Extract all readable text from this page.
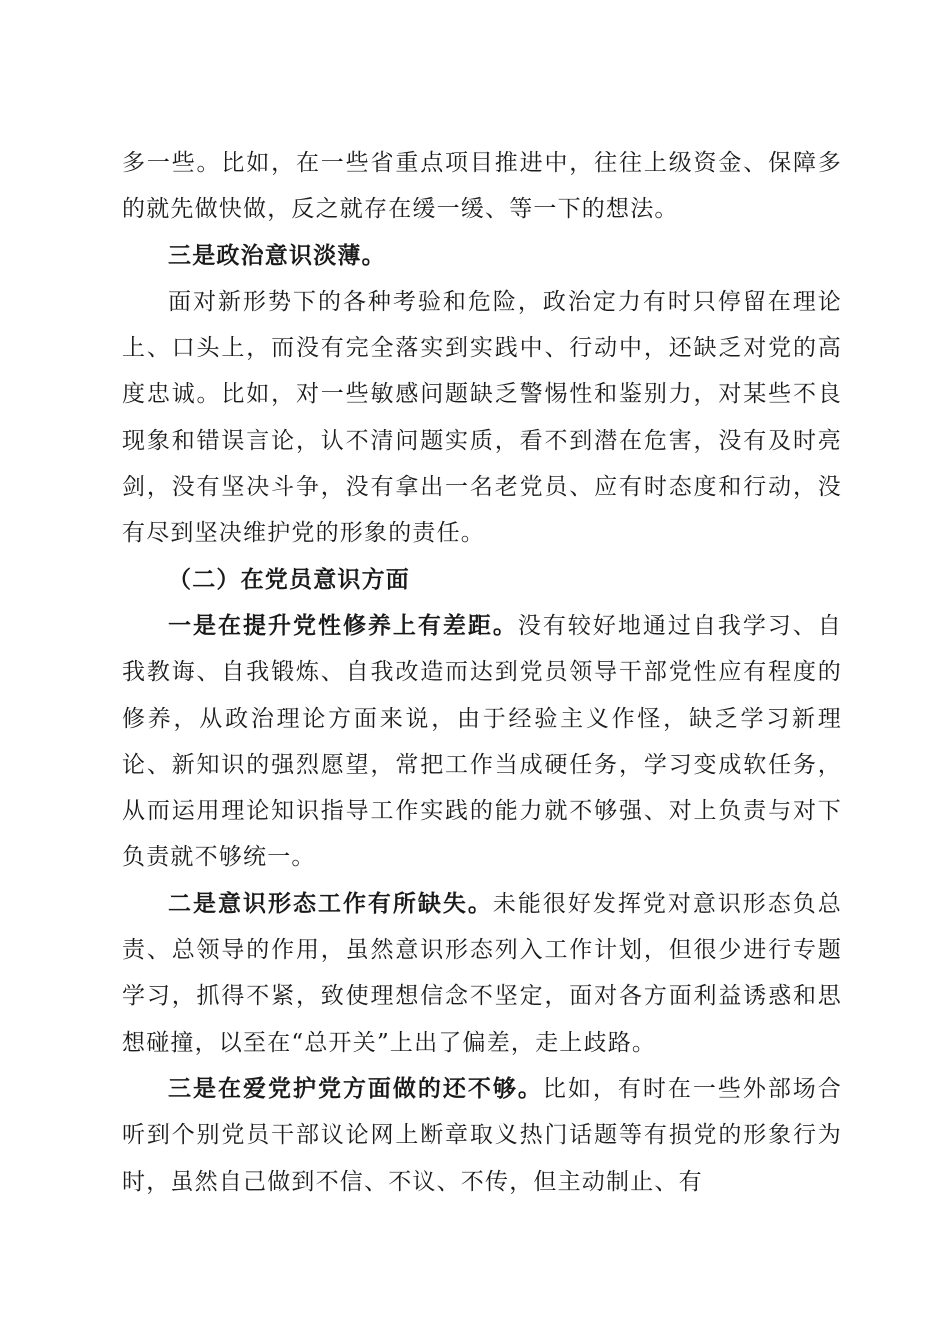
多一些。比如，在一些省重点项目推进中，往往上级资金、保障多的就先做快做，反之就存在缓一缓、等一下的想法。

三是政治意识淡薄。

面对新形势下的各种考验和危险，政治定力有时只停留在理论上、口头上，而没有完全落实到实践中、行动中，还缺乏对党的高度忠诚。比如，对一些敏感问题缺乏警惕性和鉴别力，对某些不良现象和错误言论，认不清问题实质，看不到潜在危害，没有及时亮剑，没有坚决斗争，没有拿出一名老党员、应有时态度和行动，没有尽到坚决维护党的形象的责任。

（二）在党员意识方面

一是在提升党性修养上有差距。没有较好地通过自我学习、自我教诲、自我锻炼、自我改造而达到党员领导干部党性应有程度的修养，从政治理论方面来说，由于经验主义作怪，缺乏学习新理论、新知识的强烈愿望，常把工作当成硬任务，学习变成软任务，从而运用理论知识指导工作实践的能力就不够强、对上负责与对下负责就不够统一。

二是意识形态工作有所缺失。未能很好发挥党对意识形态负总责、总领导的作用，虽然意识形态列入工作计划，但很少进行专题学习，抓得不紧，致使理想信念不坚定，面对各方面利益诱惑和思想碰撞，以至在“总开关”上出了偏差，走上歧路。

三是在爱党护党方面做的还不够。比如，有时在一些外部场合听到个别党员干部议论网上断章取义热门话题等有损党的形象行为时，虽然自己做到不信、不议、不传，但主动制止、有
